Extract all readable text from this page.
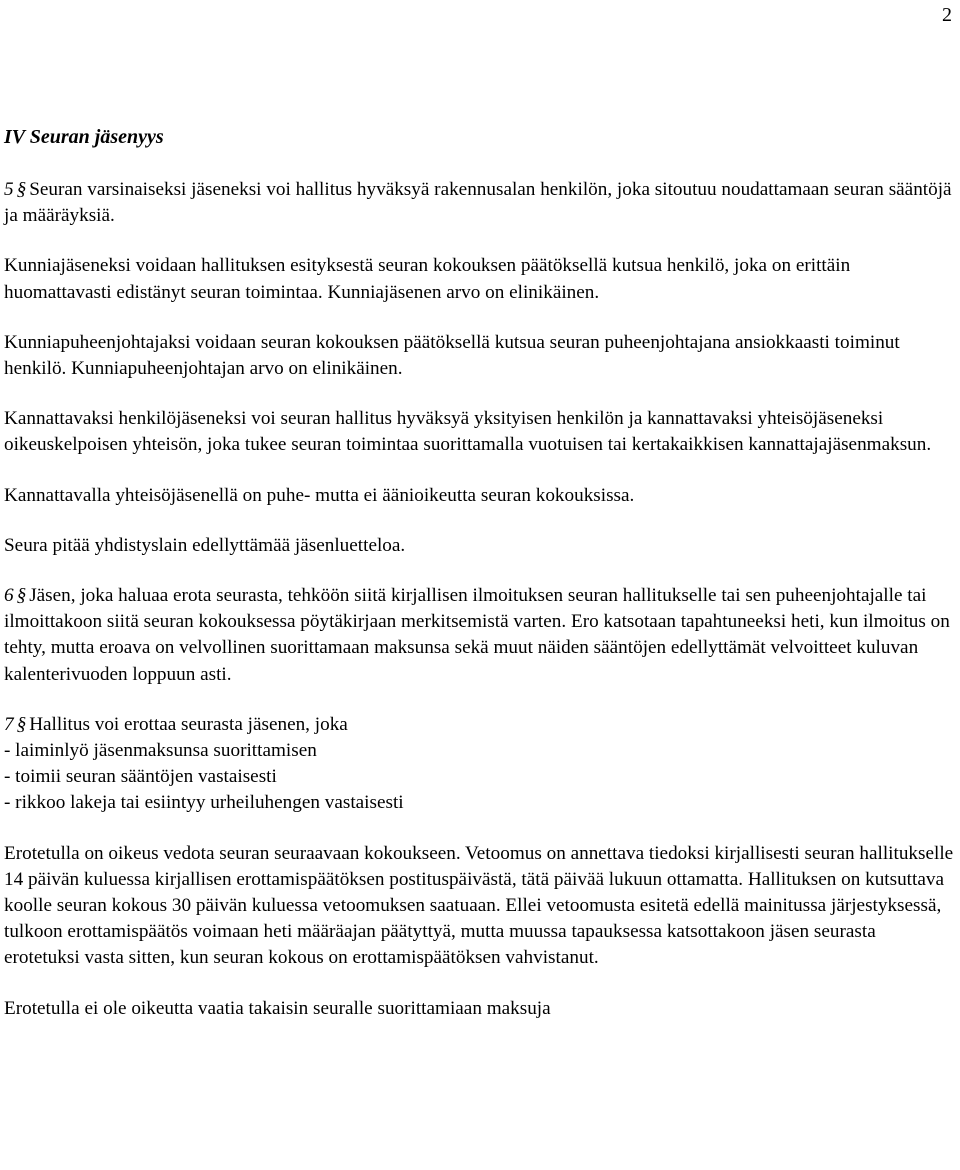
2
IV Seuran jäsenyys

5 § Seuran varsinaiseksi jäseneksi voi hallitus hyväksyä rakennusalan henkilön, joka sitoutuu noudattamaan seuran sääntöjä ja määräyksiä.

Kunniajäseneksi voidaan hallituksen esityksestä seuran kokouksen päätöksellä kutsua henkilö, joka on erittäin huomattavasti edistänyt seuran toimintaa. Kunniajäsenen arvo on elinikäinen.

Kunniapuheenjohtajaksi voidaan seuran kokouksen päätöksellä kutsua seuran puheenjohtajana ansiokkaasti toiminut henkilö. Kunniapuheenjohtajan arvo on elinikäinen.

Kannattavaksi henkilöjäseneksi voi seuran hallitus hyväksyä yksityisen henkilön ja kannattavaksi yhteisöjäseneksi oikeuskelpoisen yhteisön, joka tukee seuran toimintaa suorittamalla vuotuisen tai kertakaikkisen kannattajajäsenmaksun.

Kannattavalla yhteisöjäsenellä on puhe- mutta ei äänioikeutta seuran kokouksissa.

Seura pitää yhdistyslain edellyttämää jäsenluetteloa.

6 § Jäsen, joka haluaa erota seurasta, tehköön siitä kirjallisen ilmoituksen seuran hallitukselle tai sen puheenjohtajalle tai ilmoittakoon siitä seuran kokouksessa pöytäkirjaan merkitsemistä varten. Ero katsotaan tapahtuneeksi heti, kun ilmoitus on tehty, mutta eroava on velvollinen suorittamaan maksunsa sekä muut näiden sääntöjen edellyttämät velvoitteet kuluvan kalenterivuoden loppuun asti.

7 § Hallitus voi erottaa seurasta jäsenen, joka
- laiminlyö jäsenmaksunsa suorittamisen
- toimii seuran sääntöjen vastaisesti
- rikkoo lakeja tai esiintyy urheiluhengen vastaisesti

Erotetulla on oikeus vedota seuran seuraavaan kokoukseen. Vetoomus on annettava tiedoksi kirjallisesti seuran hallitukselle 14 päivän kuluessa kirjallisen erottamispäätöksen postituspäivästä, tätä päivää lukuun ottamatta. Hallituksen on kutsuttava koolle seuran kokous 30 päivän kuluessa vetoomuksen saatuaan. Ellei vetoomusta esitetä edellä mainitussa järjestyksessä, tulkoon erottamispäätös voimaan heti määräajan päätyttyä, mutta muussa tapauksessa katsottakoon jäsen seurasta erotetuksi vasta sitten, kun seuran kokous on erottamispäätöksen vahvistanut.

Erotetulla ei ole oikeutta vaatia takaisin seuralle suorittamiaan maksuja
